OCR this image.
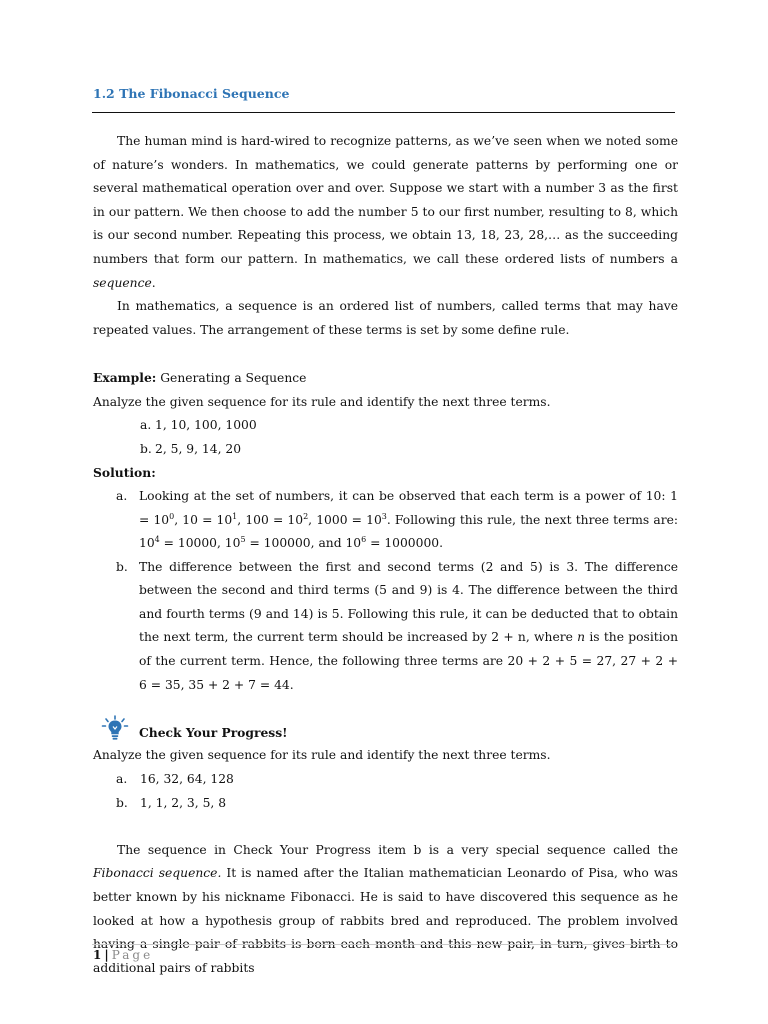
1.2 The Fibonacci Sequence

The human mind is hard-wired to recognize patterns, as we’ve seen when we noted some of nature’s wonders. In mathematics, we could generate patterns by performing one or several mathematical operation over and over. Suppose we start with a number 3 as the first in our pattern. We then choose to add the number 5 to our first number, resulting to 8, which is our second number. Repeating this process, we obtain 13, 18, 23, 28,… as the succeeding numbers that form our pattern. In mathematics, we call these ordered lists of numbers a sequence.

In mathematics, a sequence is an ordered list of numbers, called terms that may have repeated values. The arrangement of these terms is set by some define rule.

Example: Generating a Sequence

Analyze the given sequence for its rule and identify the next three terms.

a. 1, 10, 100, 1000
b. 2, 5, 9, 14, 20

Solution:

a. Looking at the set of numbers, it can be observed that each term is a power of 10: $1 = 10^0$, $10 = 10^1$, $100 = 10^2$, $1000 = 10^3$. Following this rule, the next three terms are: $10^4 = 10000$, $10^5 = 100000$, and $10^6 = 1000000$.
b. The difference between the first and second terms (2 and 5) is 3. The difference between the second and third terms (5 and 9) is 4. The difference between the third and fourth terms (9 and 14) is 5. Following this rule, it can be deducted that to obtain the next term, the current term should be increased by 2 + n, where n is the position of the current term. Hence, the following three terms are 20 + 2 + 5 = 27, 27 + 2 + 6 = 35, 35 + 2 + 7 = 44.
Check Your Progress!

Analyze the given sequence for its rule and identify the next three terms.

a. 16, 32, 64, 128
b. 1, 1, 2, 3, 5, 8

The sequence in Check Your Progress item b is a very special sequence called the Fibonacci sequence. It is named after the Italian mathematician Leonardo of Pisa, who was better known by his nickname Fibonacci. He is said to have discovered this sequence as he looked at how a hypothesis group of rabbits bred and reproduced. The problem involved having a single pair of rabbits is born each month and this new pair, in turn, gives birth to additional pairs of rabbits

1 | Page
